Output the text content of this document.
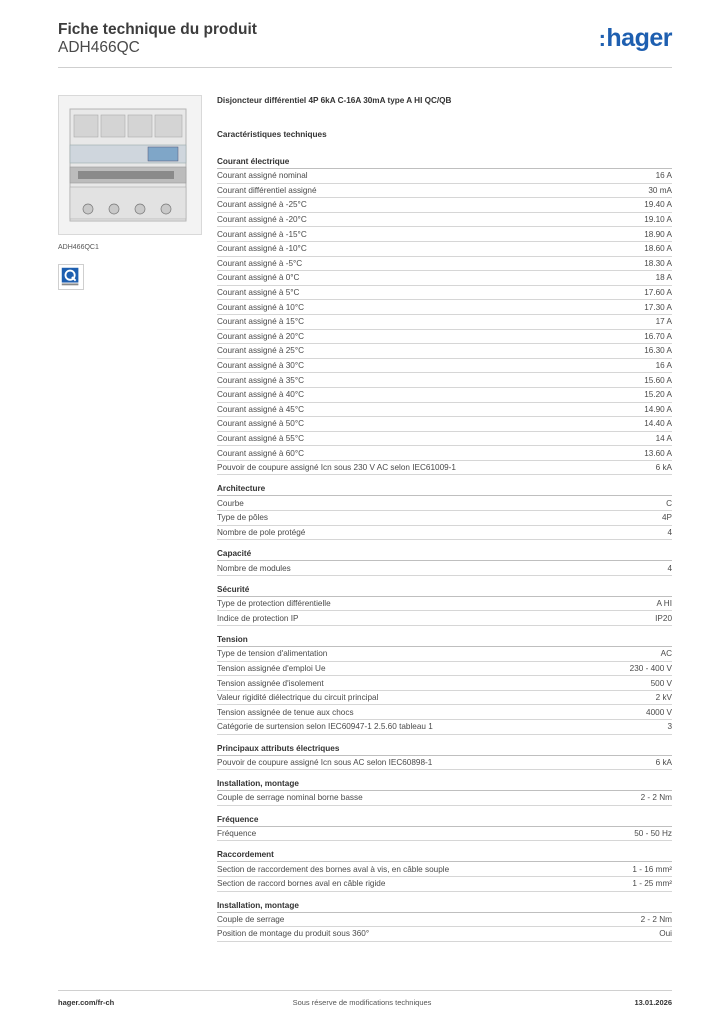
Fiche technique du produit
ADH466QC	:hager
ADH466QC1
Disjoncteur différentiel 4P 6kA C-16A 30mA type A HI QC/QB
Caractéristiques techniques
Courant électrique
Courant assigné nominal	16 A
Courant différentiel assigné	30 mA
Courant assigné à -25°C	19.40 A
Courant assigné à -20°C	19.10 A
Courant assigné à -15°C	18.90 A
Courant assigné à -10°C	18.60 A
Courant assigné à -5°C	18.30 A
Courant assigné à 0°C	18 A
Courant assigné à 5°C	17.60 A
Courant assigné à 10°C	17.30 A
Courant assigné à 15°C	17 A
Courant assigné à 20°C	16.70 A
Courant assigné à 25°C	16.30 A
Courant assigné à 30°C	16 A
Courant assigné à 35°C	15.60 A
Courant assigné à 40°C	15.20 A
Courant assigné à 45°C	14.90 A
Courant assigné à 50°C	14.40 A
Courant assigné à 55°C	14 A
Courant assigné à 60°C	13.60 A
Pouvoir de coupure assigné Icn sous 230 V AC selon IEC61009-1	6 kA
Architecture
Courbe	C
Type de pôles	4P
Nombre de pole protégé	4
Capacité
Nombre de modules	4
Sécurité
Type de protection différentielle	A HI
Indice de protection IP	IP20
Tension
Type de tension d'alimentation	AC
Tension assignée d'emploi Ue	230 - 400 V
Tension assignée d'isolement	500 V
Valeur rigidité diélectrique du circuit principal	2 kV
Tension assignée de tenue aux chocs	4000 V
Catégorie de surtension selon IEC60947-1 2.5.60 tableau 1	3
Principaux attributs électriques
Pouvoir de coupure assigné Icn sous AC selon IEC60898-1	6 kA
Installation, montage
Couple de serrage nominal borne basse	2 - 2 Nm
Fréquence
Fréquence	50 - 50 Hz
Raccordement
Section de raccordement des bornes aval à vis, en câble souple	1 - 16 mm²
Section de raccord bornes aval en câble rigide	1 - 25 mm²
Installation, montage
Couple de serrage	2 - 2 Nm
Position de montage du produit sous 360°	Oui
hager.com/fr-ch	Sous réserve de modifications techniques	13.01.2026
